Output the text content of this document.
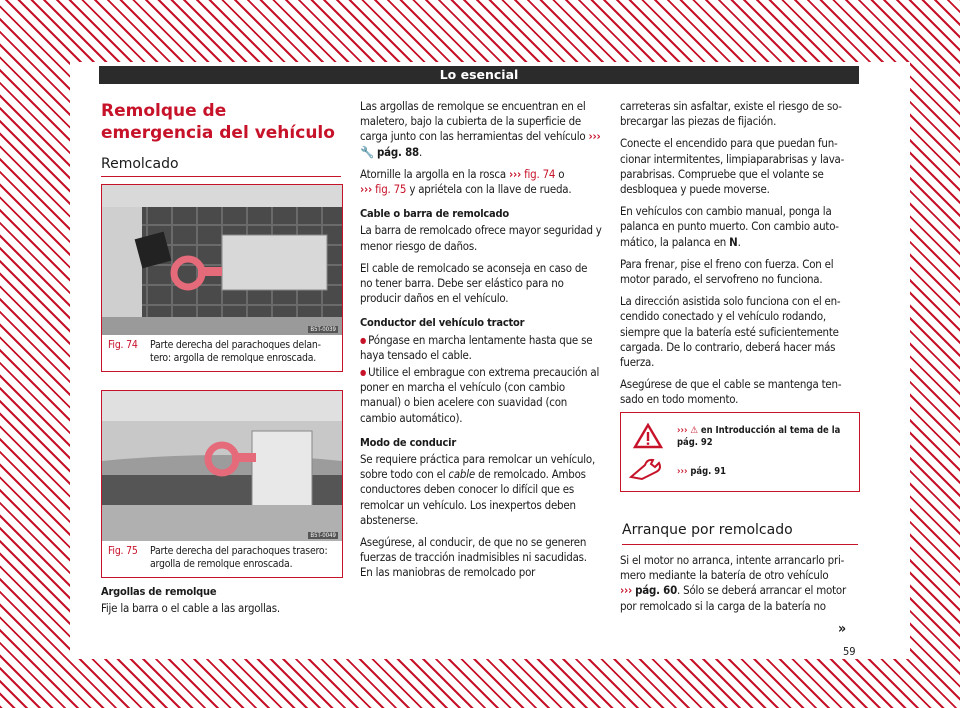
Lo esencial
Remolque de emergencia del vehículo
Remolcado
B5T-0039
Fig. 74 Parte derecha del parachoques delantero: argolla de remolque enroscada.
B5T-0049
Fig. 75 Parte derecha del parachoques trasero: argolla de remolque enroscada.
Argollas de remolque

Fije la barra o el cable a las argollas.

Las argollas de remolque se encuentran en el maletero, bajo la cubierta de la superficie de carga junto con las herramientas del vehículo ››› 🔧 pág. 88.

Atornille la argolla en la rosca ››› fig. 74 o
››› fig. 75 y apriételа con la llave de rueda.

Cable o barra de remolcado

La barra de remolcado ofrece mayor seguridad y menor riesgo de daños.

El cable de remolcado se aconseja en caso de no tener barra. Debe ser elástico para no producir daños en el vehículo.

Conductor del vehículo tractor

● Póngase en marcha lentamente hasta que se haya tensado el cable.

● Utilice el embrague con extrema precaución al poner en marcha el vehículo (con cambio manual) o bien acelere con suavidad (con cambio automático).

Modo de conducir

Se requiere práctica para remolcar un vehículo, sobre todo con el cable de remolcado. Ambos conductores deben conocer lo difícil que es remolcar un vehículo. Los inexpertos deben abstenerse.

Asegúrese, al conducir, de que no se generen fuerzas de tracción inadmisibles ni sacudidas. En las maniobras de remolcado por

carreteras sin asfaltar, existe el riesgo de sobrecargar las piezas de fijación.

Conecte el encendido para que puedan funcionar intermitentes, limpiaparabrisas y lavaparabrisas. Compruebe que el volante se desbloquea y puede moverse.

En vehículos con cambio manual, ponga la palanca en punto muerto. Con cambio automático, la palanca en N.

Para frenar, pise el freno con fuerza. Con el motor parado, el servofreno no funciona.

La dirección asistida solo funciona con el encendido conectado y el vehículo rodando, siempre que la batería esté suficientemente cargada. De lo contrario, deberá hacer más fuerza.

Asegúrese de que el cable se mantenga tensado en todo momento.

››› ⚠ en Introducción al tema de la pág. 92
››› pág. 91
Arranque por remolcado

Si el motor no arranca, intente arrancarlo primero mediante la batería de otro vehículo
››› pág. 60. Sólo se deberá arrancar el motor por remolcado si la carga de la batería no

»
59
